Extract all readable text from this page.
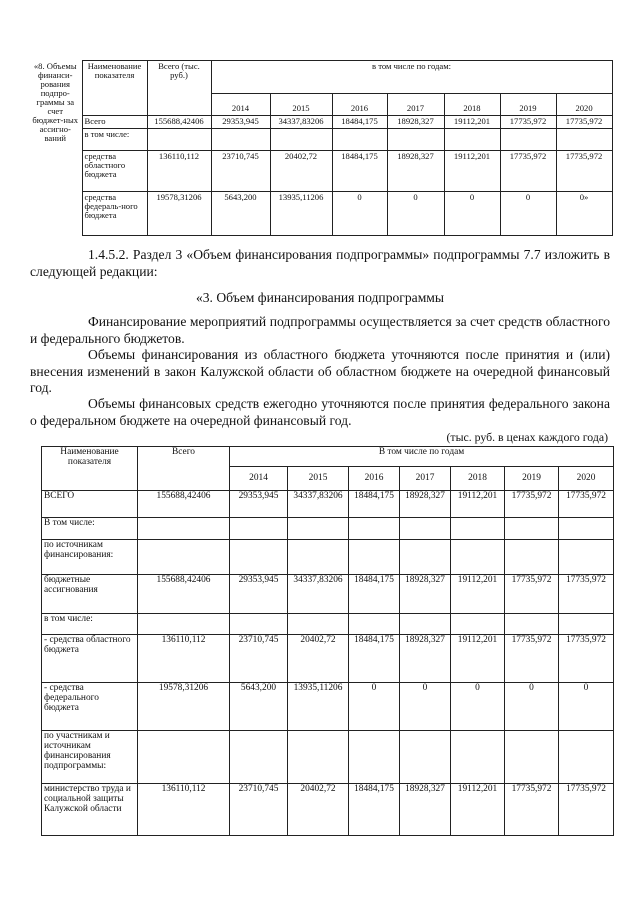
«8. Объемы финанси-рования подпро-граммы за счет бюджет-ных ассигно-ваний	Наименование показателя	Всего (тыс. руб.)	в том числе по годам:						
			2014	2015	2016	2017	2018	2019	2020
	Всего	155688,42406	29353,945	34337,83206	18484,175	18928,327	19112,201	17735,972	17735,972
	в том числе:								
	средства областного бюджета	136110,112	23710,745	20402,72	18484,175	18928,327	19112,201	17735,972	17735,972
	средства федераль-ного бюджета	19578,31206	5643,200	13935,11206	0	0	0	0	0»

1.4.5.2. Раздел 3 «Объем финансирования подпрограммы» подпрограммы 7.7 изложить в следующей редакции:

«3. Объем финансирования подпрограммы

Финансирование мероприятий подпрограммы осуществляется за счет средств областного и федерального бюджетов.

Объемы финансирования из областного бюджета уточняются после принятия и (или) внесения изменений в закон Калужской области об областном бюджете на очередной финансовый год.

Объемы финансовых средств ежегодно уточняются после принятия федерального закона о федеральном бюджете на очередной финансовый год.

(тыс. руб. в ценах каждого года)
Наименование показателя	Всего	В том числе по годам						
		2014	2015	2016	2017	2018	2019	2020
ВСЕГО	155688,42406	29353,945	34337,83206	18484,175	18928,327	19112,201	17735,972	17735,972
В том числе:								
по источникам финансирования:								
бюджетные ассигнования	155688,42406	29353,945	34337,83206	18484,175	18928,327	19112,201	17735,972	17735,972
в том числе:								
- средства областного бюджета	136110,112	23710,745	20402,72	18484,175	18928,327	19112,201	17735,972	17735,972
- средства федерального бюджета	19578,31206	5643,200	13935,11206	0	0	0	0	0
по участникам и источникам финансирования подпрограммы:								
министерство труда и социальной защиты Калужской области	136110,112	23710,745	20402,72	18484,175	18928,327	19112,201	17735,972	17735,972
